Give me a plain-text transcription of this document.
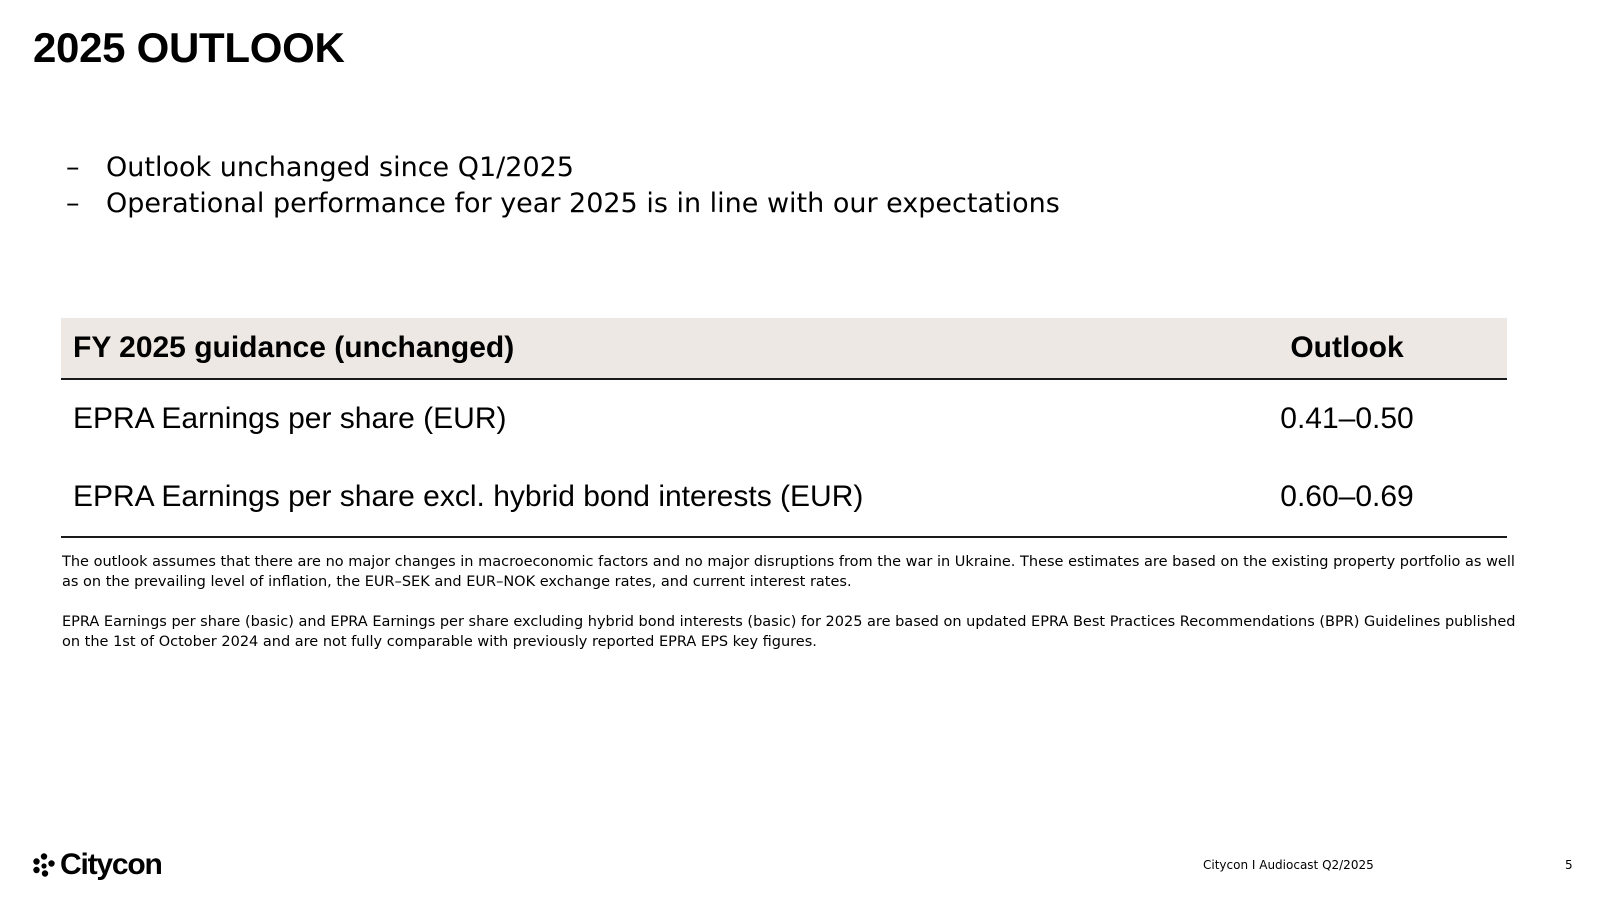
2025 OUTLOOK
– Outlook unchanged since Q1/2025
– Operational performance for year 2025 is in line with our expectations
FY 2025 guidance (unchanged)	Outlook
EPRA Earnings per share (EUR)	0.41–0.50
EPRA Earnings per share excl. hybrid bond interests (EUR)	0.60–0.69

The outlook assumes that there are no major changes in macroeconomic factors and no major disruptions from the war in Ukraine. These estimates are based on the existing property portfolio as well as on the prevailing level of inflation, the EUR–SEK and EUR–NOK exchange rates, and current interest rates.

EPRA Earnings per share (basic) and EPRA Earnings per share excluding hybrid bond interests (basic) for 2025 are based on updated EPRA Best Practices Recommendations (BPR) Guidelines published on the 1st of October 2024 and are not fully comparable with previously reported EPRA EPS key figures.

Citycon	Citycon I Audiocast Q2/2025	5
